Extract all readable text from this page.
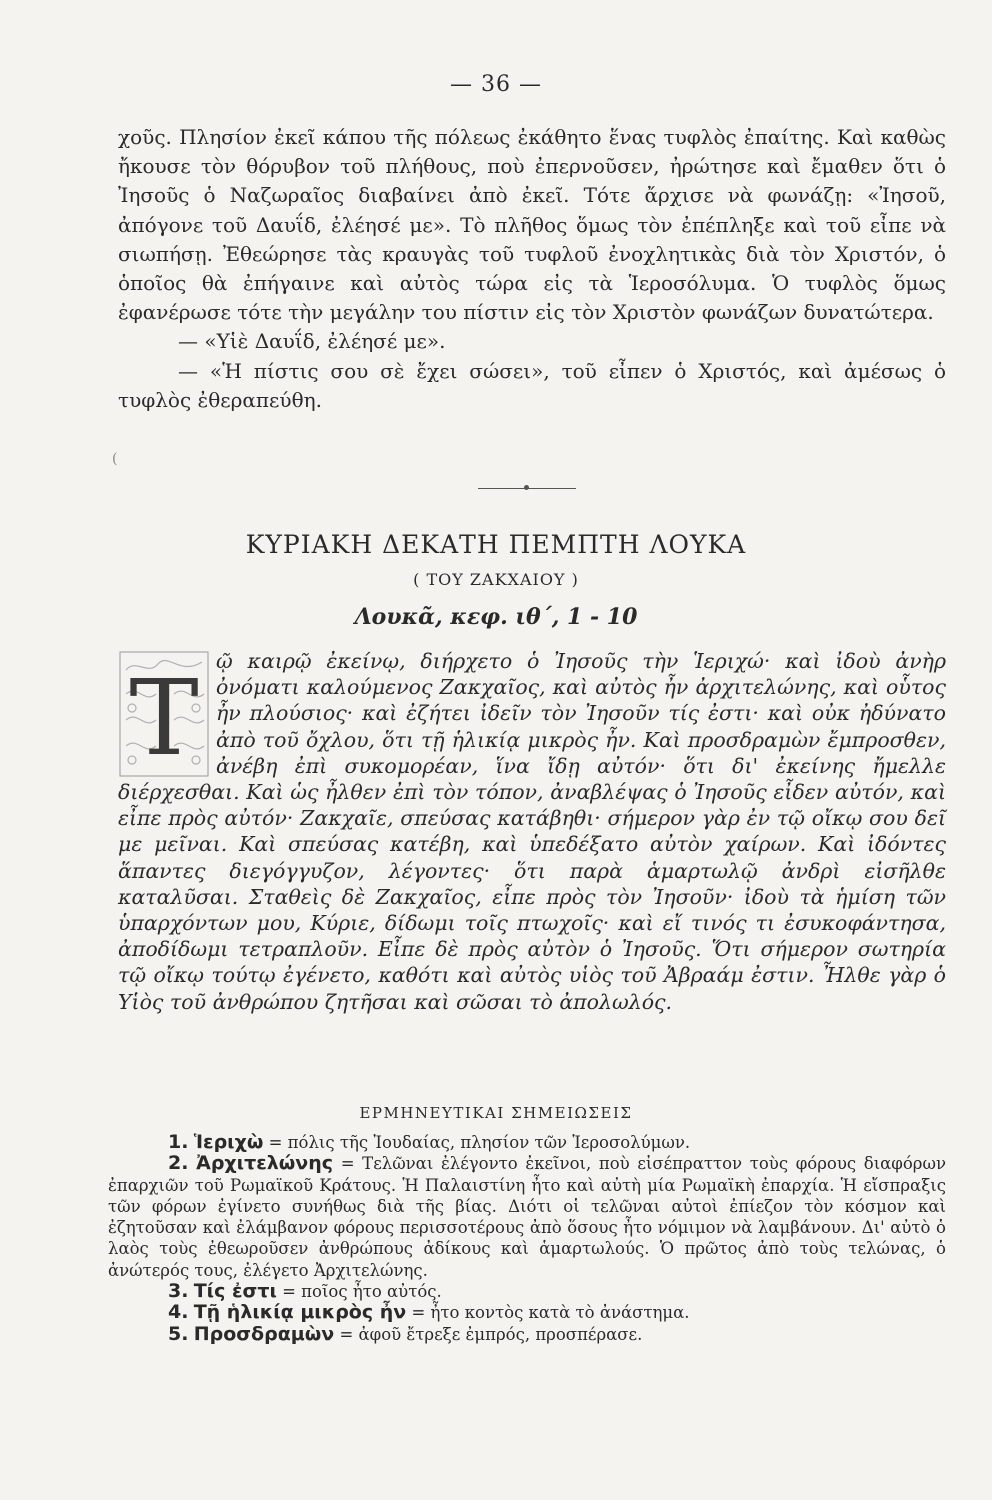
— 36 —

χοῦς. Πλησίον ἐκεῖ κάπου τῆς πόλεως ἐκάθητο ἕνας τυφλὸς ἐπαίτης. Καὶ καθὼς ἤκουσε τὸν θόρυβον τοῦ πλήθους, ποὺ ἐπερνοῦσεν, ἠρώτησε καὶ ἔμαθεν ὅτι ὁ Ἰησοῦς ὁ Ναζωραῖος διαβαίνει ἀπὸ ἐκεῖ. Τότε ἄρχισε νὰ φωνάζῃ: «Ἰησοῦ, ἀπόγονε τοῦ Δαυΐδ, ἐλέησέ με». Τὸ πλῆθος ὅμως τὸν ἐπέπληξε καὶ τοῦ εἶπε νὰ σιωπήσῃ. Ἐθεώρησε τὰς κραυγὰς τοῦ τυφλοῦ ἐνοχλητικὰς διὰ τὸν Χριστόν, ὁ ὁποῖος θὰ ἐπήγαινε καὶ αὐτὸς τώρα εἰς τὰ Ἱεροσόλυμα. Ὁ τυφλὸς ὅμως ἐφανέρωσε τότε τὴν μεγάλην του πίστιν εἰς τὸν Χριστὸν φωνάζων δυνατώτερα.

— «Υἱὲ Δαυΐδ, ἐλέησέ με».

— «Ἡ πίστις σου σὲ ἔχει σώσει», τοῦ εἶπεν ὁ Χριστός, καὶ ἀμέσως ὁ τυφλὸς ἐθεραπεύθη.

(
ΚΥΡΙΑΚΗ ΔΕΚΑΤΗ ΠΕΜΠΤΗ ΛΟΥΚΑ
( ΤΟΥ ΖΑΚΧΑΙΟΥ )
Λουκᾶ, κεφ. ιθ΄, 1 - 10
Τ ῷ καιρῷ ἐκείνῳ, διήρχετο ὁ Ἰησοῦς τὴν Ἱεριχώ· καὶ ἰδοὺ ἀνὴρ ὀνόματι καλούμενος Ζακχαῖος, καὶ αὐτὸς ἦν ἀρχιτελώνης, καὶ οὗτος ἦν πλούσιος· καὶ ἐζήτει ἰδεῖν τὸν Ἰησοῦν τίς ἐστι· καὶ οὐκ ἠδύνατο ἀπὸ τοῦ ὄχλου, ὅτι τῇ ἡλικίᾳ μικρὸς ἦν. Καὶ προσδραμὼν ἔμπροσθεν, ἀνέβη ἐπὶ συκομορέαν, ἵνα ἴδῃ αὐτόν· ὅτι δι' ἐκείνης ἤμελλε διέρχεσθαι. Καὶ ὡς ἦλθεν ἐπὶ τὸν τόπον, ἀναβλέψας ὁ Ἰησοῦς εἶδεν αὐτόν, καὶ εἶπε πρὸς αὐτόν· Ζακχαῖε, σπεύσας κατάβηθι· σήμερον γὰρ ἐν τῷ οἴκῳ σου δεῖ με μεῖναι. Καὶ σπεύσας κατέβη, καὶ ὑπεδέξατο αὐτὸν χαίρων. Καὶ ἰδόντες ἅπαντες διεγόγγυζον, λέγοντες· ὅτι παρὰ ἁμαρτωλῷ ἀνδρὶ εἰσῆλθε καταλῦσαι. Σταθεὶς δὲ Ζακχαῖος, εἶπε πρὸς τὸν Ἰησοῦν· ἰδοὺ τὰ ἡμίση τῶν ὑπαρχόντων μου, Κύριε, δίδωμι τοῖς πτωχοῖς· καὶ εἴ τινός τι ἐσυκοφάντησα, ἀποδίδωμι τετραπλοῦν. Εἶπε δὲ πρὸς αὐτὸν ὁ Ἰησοῦς. Ὅτι σήμερον σωτηρία τῷ οἴκῳ τούτῳ ἐγένετο, καθότι καὶ αὐτὸς υἱὸς τοῦ Ἀβραάμ ἐστιν. Ἦλθε γὰρ ὁ Υἱὸς τοῦ ἀνθρώπου ζητῆσαι καὶ σῶσαι τὸ ἀπολωλός.
ΕΡΜΗΝΕΥΤΙΚΑΙ ΣΗΜΕΙΩΣΕΙΣ

1. Ἱεριχὼ = πόλις τῆς Ἰουδαίας, πλησίον τῶν Ἱεροσολύμων.

2. Ἀρχιτελώνης = Τελῶναι ἐλέγοντο ἐκεῖνοι, ποὺ εἰσέπραττον τοὺς φόρους διαφόρων ἐπαρχιῶν τοῦ Ρωμαϊκοῦ Κράτους. Ἡ Παλαιστίνη ἦτο καὶ αὐτὴ μία Ρωμαϊκὴ ἐπαρχία. Ἡ εἴσπραξις τῶν φόρων ἐγίνετο συνήθως διὰ τῆς βίας. Διότι οἱ τελῶναι αὐτοὶ ἐπίεζον τὸν κόσμον καὶ ἐζητοῦσαν καὶ ἐλάμβανον φόρους περισσοτέρους ἀπὸ ὅσους ἦτο νόμιμον νὰ λαμβάνουν. Δι' αὐτὸ ὁ λαὸς τοὺς ἐθεωροῦσεν ἀνθρώπους ἀδίκους καὶ ἁμαρτωλούς. Ὁ πρῶτος ἀπὸ τοὺς τελώνας, ὁ ἀνώτερός τους, ἐλέγετο Ἀρχιτελώνης.

3. Τίς ἐστι = ποῖος ἦτο αὐτός.

4. Τῇ ἡλικίᾳ μικρὸς ἦν = ἦτο κοντὸς κατὰ τὸ ἀνάστημα.

5. Προσδραμὼν = ἀφοῦ ἔτρεξε ἐμπρός, προσπέρασε.
